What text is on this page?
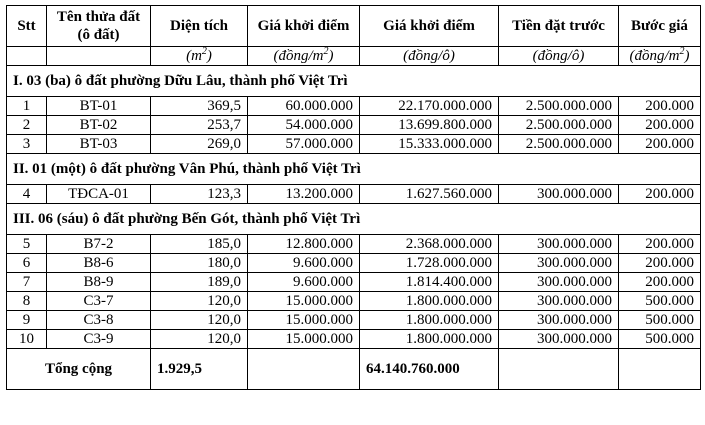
Stt	Tên thửa đất (ô đất)	Diện tích	Giá khởi điểm	Giá khởi điểm	Tiền đặt trước	Bước giá
		$(m^2)$	$(đồng/m^2)$	(đồng/ô)	(đồng/ô)	$(đồng/m^2)$
I. 03 (ba) ô đất phường Dữu Lâu, thành phố Việt Trì						
1	BT-01	369,5	60.000.000	22.170.000.000	2.500.000.000	200.000
2	BT-02	253,7	54.000.000	13.699.800.000	2.500.000.000	200.000
3	BT-03	269,0	57.000.000	15.333.000.000	2.500.000.000	200.000
II. 01 (một) ô đất phường Vân Phú, thành phố Việt Trì						
4	TĐCA-01	123,3	13.200.000	1.627.560.000	300.000.000	200.000
III. 06 (sáu) ô đất phường Bến Gót, thành phố Việt Trì						
5	B7-2	185,0	12.800.000	2.368.000.000	300.000.000	200.000
6	B8-6	180,0	9.600.000	1.728.000.000	300.000.000	200.000
7	B8-9	189,0	9.600.000	1.814.400.000	300.000.000	200.000
8	C3-7	120,0	15.000.000	1.800.000.000	300.000.000	500.000
9	C3-8	120,0	15.000.000	1.800.000.000	300.000.000	500.000
10	C3-9	120,0	15.000.000	1.800.000.000	300.000.000	500.000
Tổng cộng		1.929,5		64.140.760.000		
